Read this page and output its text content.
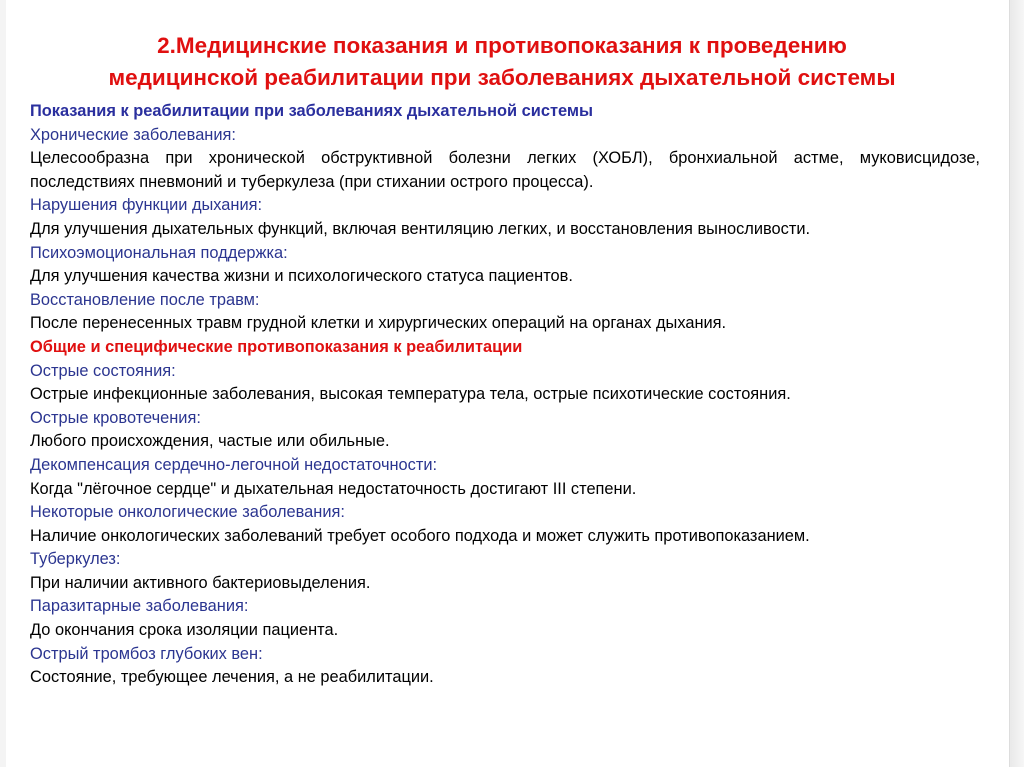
2.Медицинские показания и противопоказания к проведению
медицинской реабилитации при заболеваниях дыхательной системы

Показания к реабилитации при заболеваниях дыхательной системы

Хронические заболевания:

Целесообразна при хронической обструктивной болезни легких (ХОБЛ), бронхиальной астме, муковисцидозе, последствиях пневмоний и туберкулеза (при стихании острого процесса).

Нарушения функции дыхания:

Для улучшения дыхательных функций, включая вентиляцию легких, и восстановления выносливости.

Психоэмоциональная поддержка:

Для улучшения качества жизни и психологического статуса пациентов.

Восстановление после травм:

После перенесенных травм грудной клетки и хирургических операций на органах дыхания.

Общие и специфические противопоказания к реабилитации

Острые состояния:

Острые инфекционные заболевания, высокая температура тела, острые психотические состояния.

Острые кровотечения:

Любого происхождения, частые или обильные.

Декомпенсация сердечно-легочной недостаточности:

Когда "лёгочное сердце" и дыхательная недостаточность достигают III степени.

Некоторые онкологические заболевания:

Наличие онкологических заболеваний требует особого подхода и может служить противопоказанием.

Туберкулез:

При наличии активного бактериовыделения.

Паразитарные заболевания:

До окончания срока изоляции пациента.

Острый тромбоз глубоких вен:

Состояние, требующее лечения, а не реабилитации.
